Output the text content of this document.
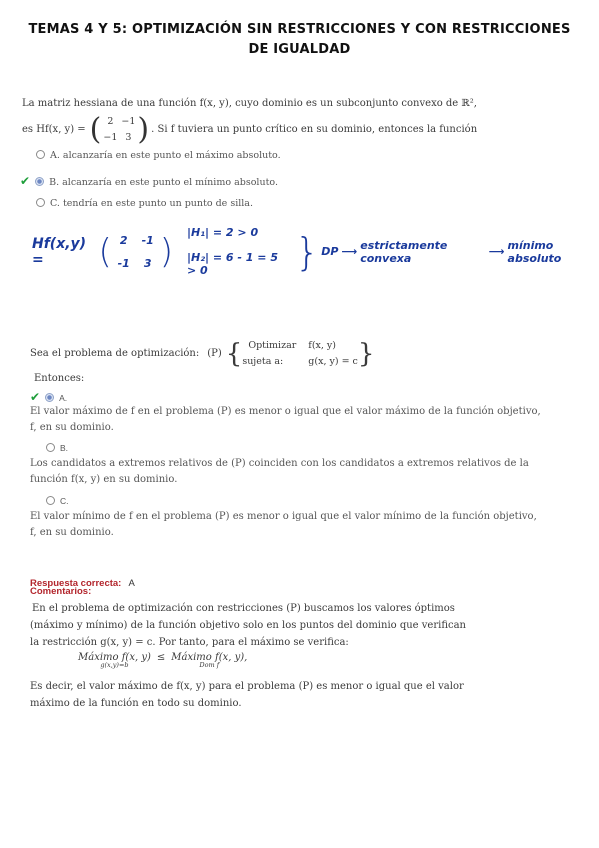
TEMAS 4 Y 5: OPTIMIZACIÓN SIN RESTRICCIONES Y CON RESTRICCIONES DE IGUALDAD
La matriz hessiana de una función f(x, y), cuyo dominio es un subconjunto convexo de ℝ²,
es Hf(x, y) = ( 2 −1
−1 3 ) . Si f tuviera un punto crítico en su dominio, entonces la función
A. alcanzaría en este punto el máximo absoluto.
✔ B. alcanzaría en este punto el mínimo absoluto.
C. tendría en este punto un punto de silla.
Hf(x,y) =	( 2	-1
-1	3 ) |H₁| = 2 > 0
|H₂| = 6 - 1 = 5 > 0	} DP ⟶ estrictamente convexa	⟶ mínimo absoluto
Sea el problema de optimización: (P) { Optimizar f(x, y)
sujeta a:	g(x, y) = c }
Entonces:
✔ A.
El valor máximo de f en el problema (P) es menor o igual que el valor máximo de la función objetivo,
f, en su dominio.
B.
Los candidatos a extremos relativos de (P) coinciden con los candidatos a extremos relativos de la
función f(x, y) en su dominio.
C.
El valor mínimo de f en el problema (P) es menor o igual que el valor mínimo de la función objetivo,
f, en su dominio.
Respuesta correcta: A
Comentarios:
En el problema de optimización con restricciones (P) buscamos los valores óptimos
(máximo y mínimo) de la función objetivo solo en los puntos del dominio que verifican
la restricción g(x, y) = c. Por tanto, para el máximo se verifica:
Máximo f(x, y)
g(x,y)=b
≤ Máximo f(x, y),
Dom f
Es decir, el valor máximo de f(x, y) para el problema (P) es menor o igual que el valor
máximo de la función en todo su dominio.
